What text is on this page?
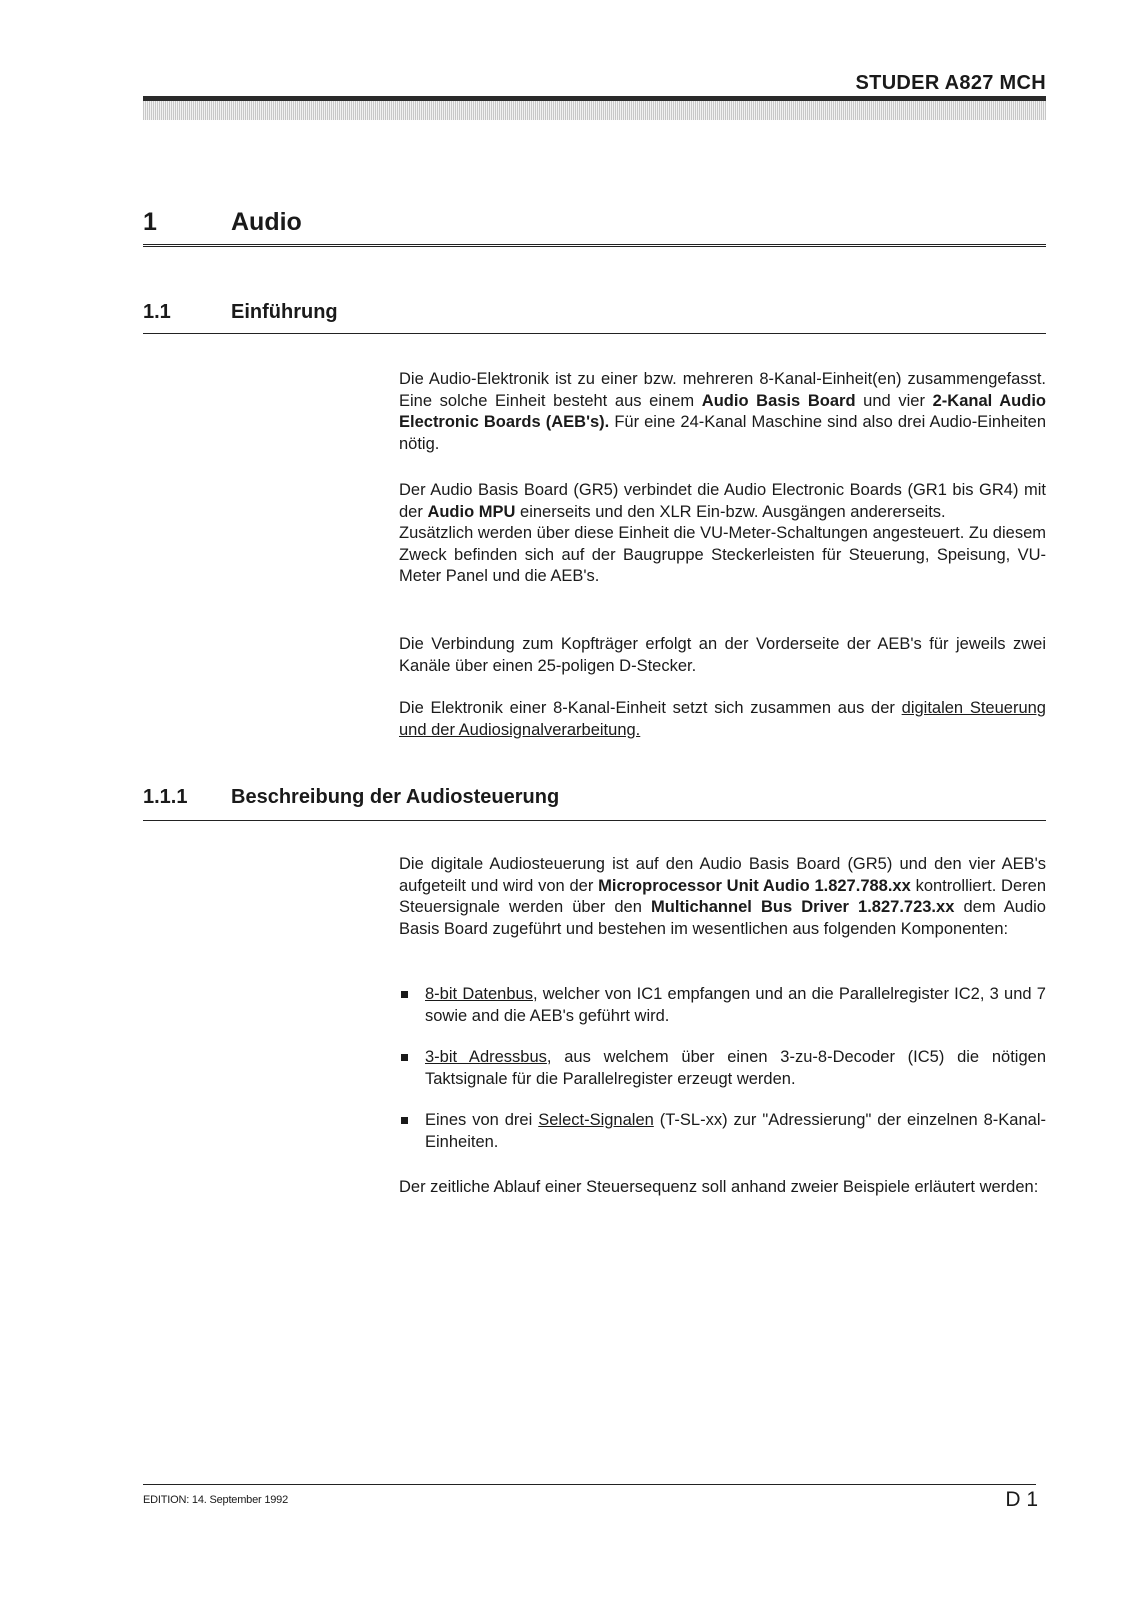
STUDER A827 MCH
1	Audio
1.1	Einführung
Die Audio-Elektronik ist zu einer bzw. mehreren 8-Kanal-Einheit(en) zusammengefasst. Eine solche Einheit besteht aus einem Audio Basis Board und vier 2-Kanal Audio Electronic Boards (AEB's). Für eine 24-Kanal Maschine sind also drei Audio-Einheiten nötig.
Der Audio Basis Board (GR5) verbindet die Audio Electronic Boards (GR1 bis GR4) mit der Audio MPU einerseits und den XLR Ein-bzw. Ausgängen andererseits.
Zusätzlich werden über diese Einheit die VU-Meter-Schaltungen angesteuert. Zu diesem Zweck befinden sich auf der Baugruppe Steckerleisten für Steuerung, Speisung, VU-Meter Panel und die AEB's.
Die Verbindung zum Kopfträger erfolgt an der Vorderseite der AEB's für jeweils zwei Kanäle über einen 25-poligen D-Stecker.
Die Elektronik einer 8-Kanal-Einheit setzt sich zusammen aus der digitalen Steuerung und der Audiosignalverarbeitung.
1.1.1 Beschreibung der Audiosteuerung
Die digitale Audiosteuerung ist auf den Audio Basis Board (GR5) und den vier AEB's aufgeteilt und wird von der Microprocessor Unit Audio 1.827.788.xx kontrolliert. Deren Steuersignale werden über den Multichannel Bus Driver 1.827.723.xx dem Audio Basis Board zugeführt und bestehen im wesentlichen aus folgenden Komponenten:
8-bit Datenbus, welcher von IC1 empfangen und an die Parallelregister IC2, 3 und 7 sowie and die AEB's geführt wird.
3-bit Adressbus, aus welchem über einen 3-zu-8-Decoder (IC5) die nötigen Taktsignale für die Parallelregister erzeugt werden.
Eines von drei Select-Signalen (T-SL-xx) zur "Adressierung" der einzelnen 8-Kanal-Einheiten.
Der zeitliche Ablauf einer Steuersequenz soll anhand zweier Beispiele erläutert werden:
EDITION: 14. September 1992	D 1
